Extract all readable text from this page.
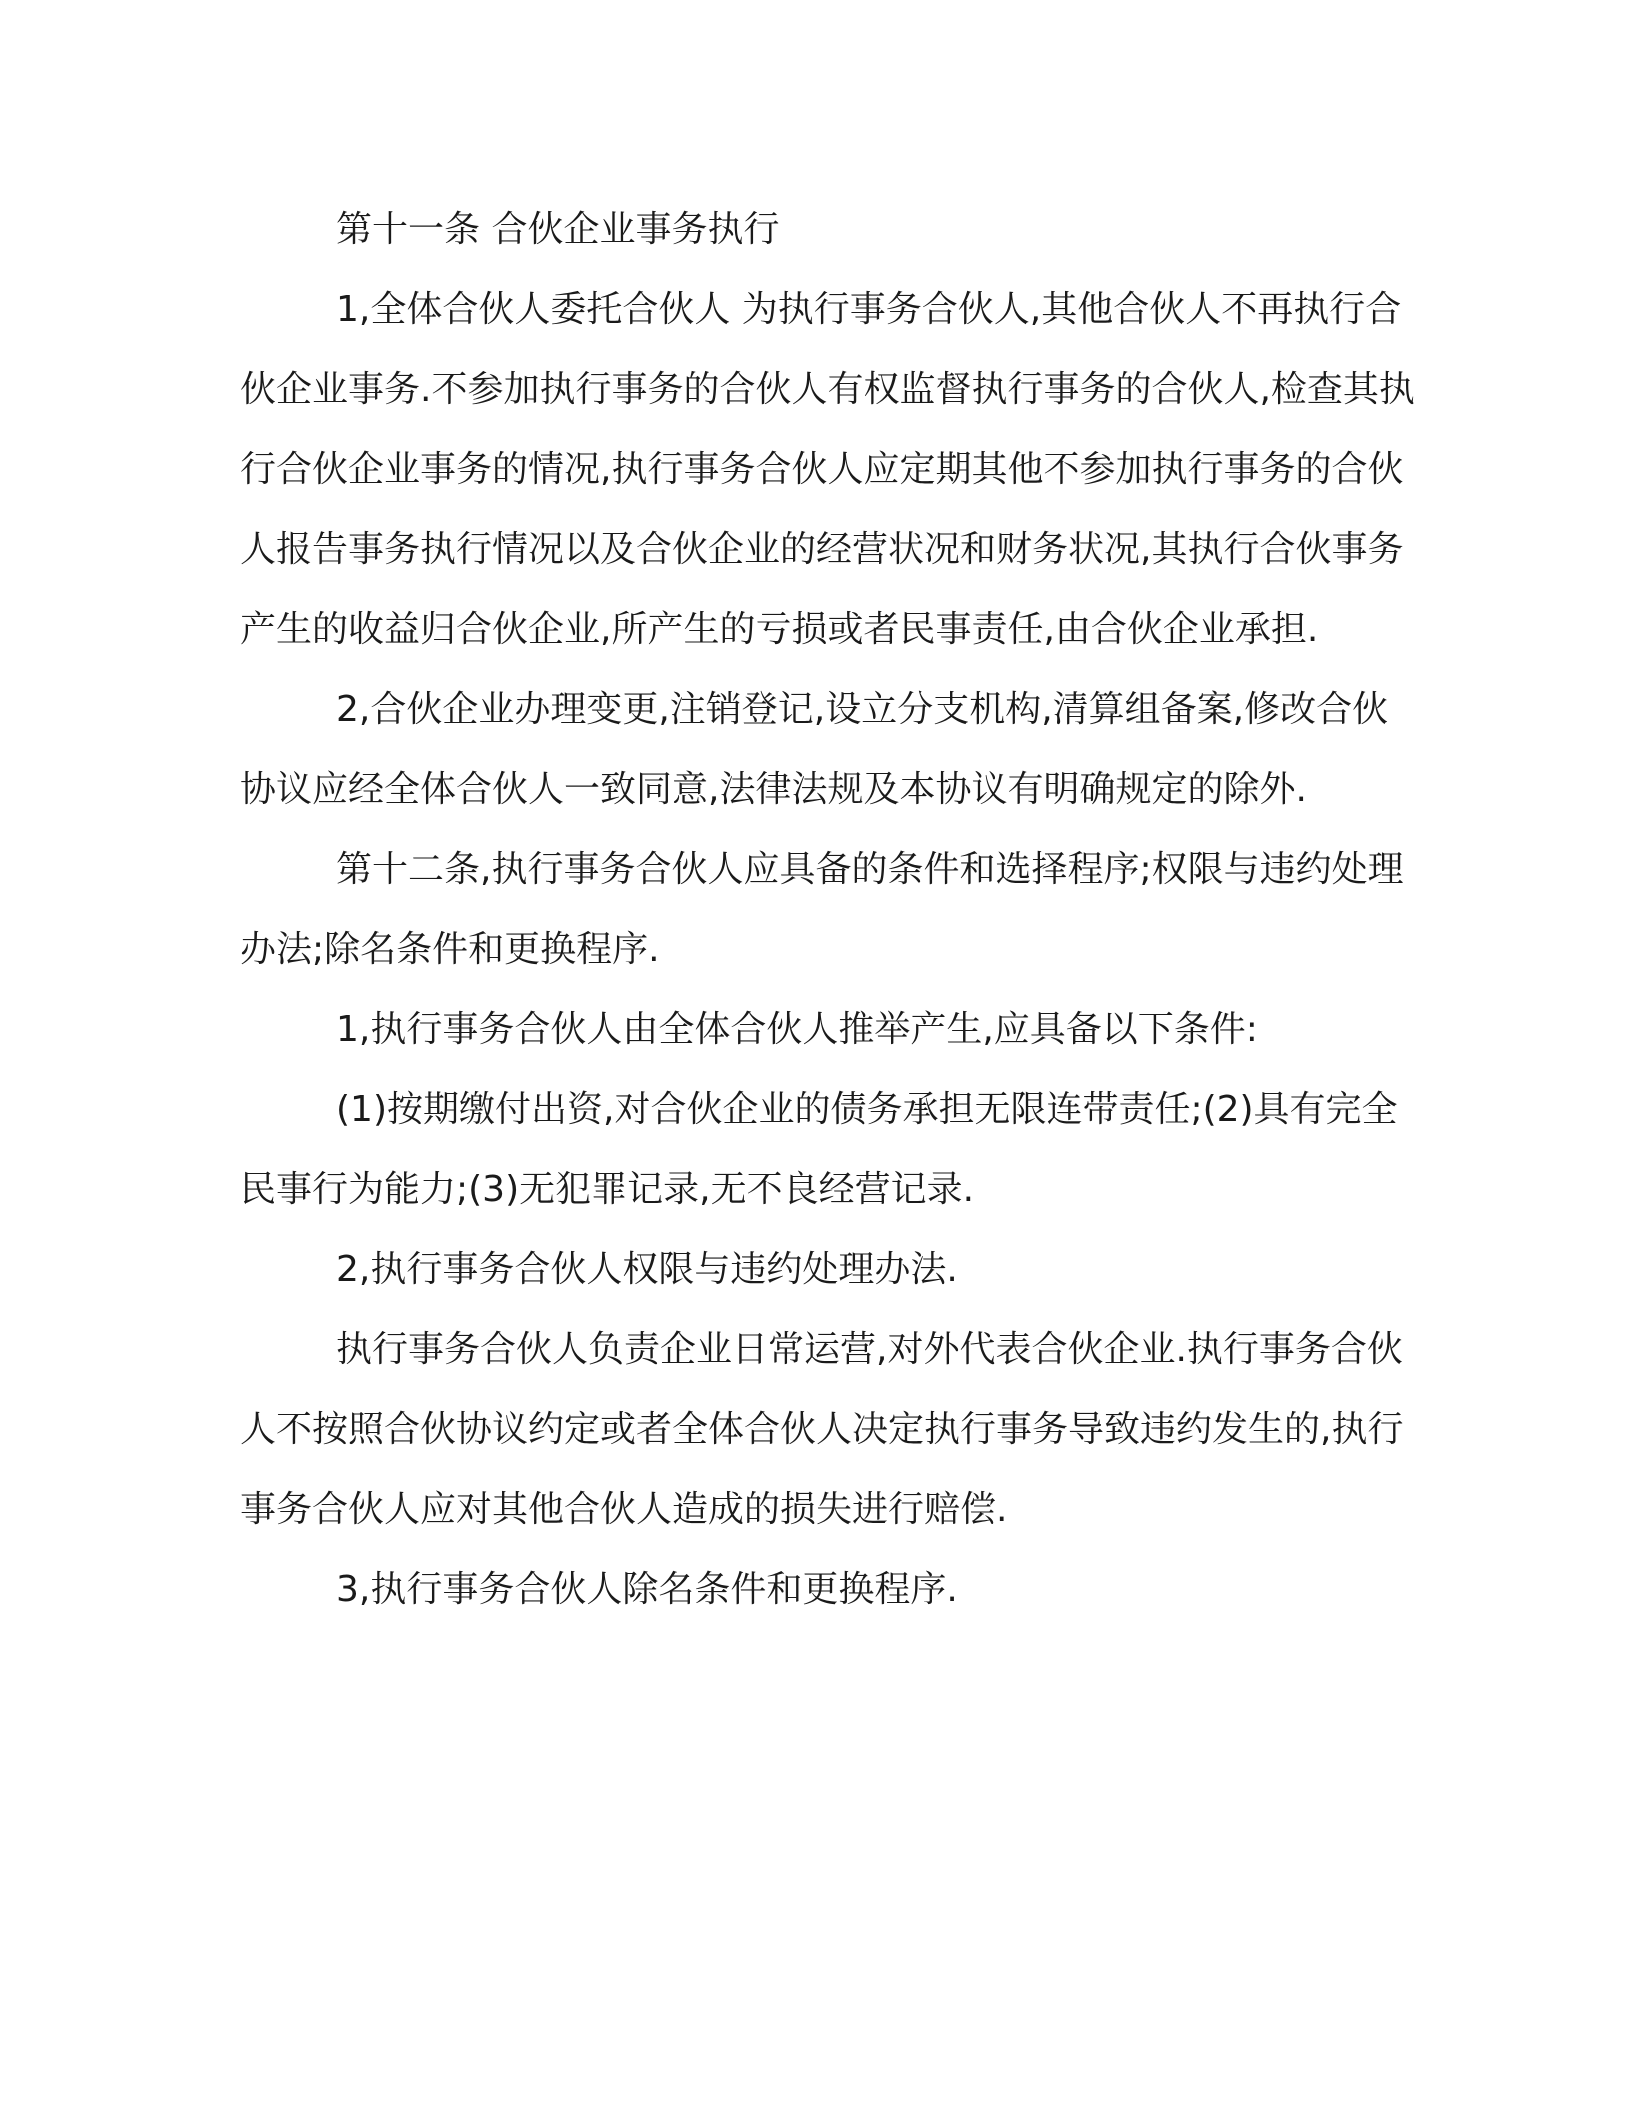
第十一条 合伙企业事务执行

1,全体合伙人委托合伙人 为执行事务合伙人,其他合伙人不再执行合伙企业事务.不参加执行事务的合伙人有权监督执行事务的合伙人,检查其执行合伙企业事务的情况,执行事务合伙人应定期其他不参加执行事务的合伙人报告事务执行情况以及合伙企业的经营状况和财务状况,其执行合伙事务产生的收益归合伙企业,所产生的亏损或者民事责任,由合伙企业承担.

2,合伙企业办理变更,注销登记,设立分支机构,清算组备案,修改合伙协议应经全体合伙人一致同意,法律法规及本协议有明确规定的除外.

第十二条,执行事务合伙人应具备的条件和选择程序;权限与违约处理办法;除名条件和更换程序.

1,执行事务合伙人由全体合伙人推举产生,应具备以下条件:

(1)按期缴付出资,对合伙企业的债务承担无限连带责任;(2)具有完全民事行为能力;(3)无犯罪记录,无不良经营记录.

2,执行事务合伙人权限与违约处理办法.

执行事务合伙人负责企业日常运营,对外代表合伙企业.执行事务合伙人不按照合伙协议约定或者全体合伙人决定执行事务导致违约发生的,执行事务合伙人应对其他合伙人造成的损失进行赔偿.

3,执行事务合伙人除名条件和更换程序.
